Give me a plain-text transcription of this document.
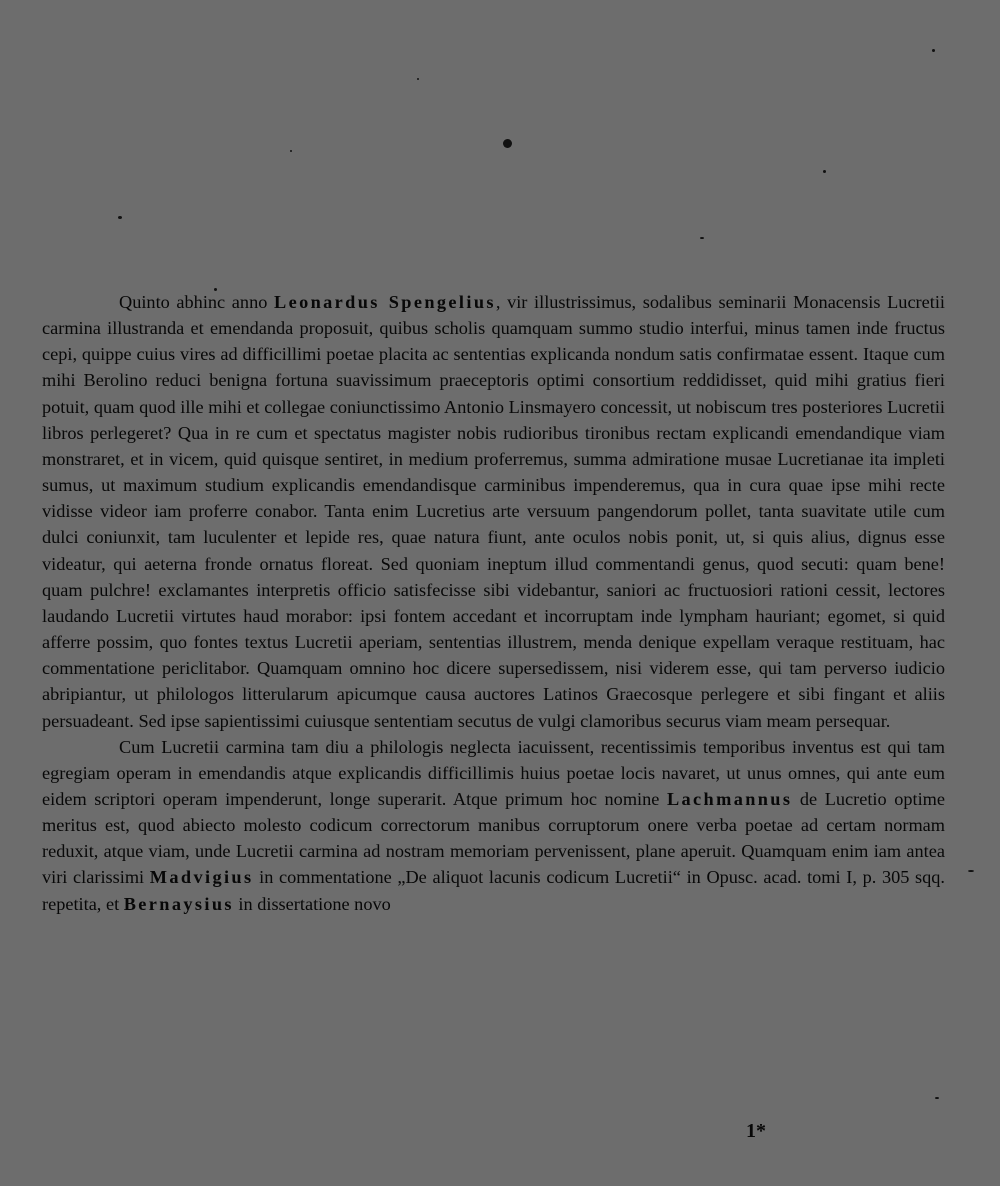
Quinto abhinc anno Leonardus Spengelius, vir illustrissimus, sodalibus seminarii Monacensis Lucretii carmina illustranda et emendanda proposuit, quibus scholis quamquam summo studio interfui, minus tamen inde fructus cepi, quippe cuius vires ad difficillimi poetae placita ac sententias explicanda nondum satis confirmatae essent. Itaque cum mihi Berolino reduci benigna fortuna suavissimum praeceptoris optimi consortium reddidisset, quid mihi gratius fieri potuit, quam quod ille mihi et collegae coniunctissimo Antonio Linsmayero concessit, ut nobiscum tres posteriores Lucretii libros perlegeret? Qua in re cum et spectatus magister nobis rudioribus tironibus rectam explicandi emendandique viam monstraret, et in vicem, quid quisque sentiret, in medium proferremus, summa admiratione musae Lucretianae ita impleti sumus, ut maximum studium explicandis emendandisque carminibus impenderemus, qua in cura quae ipse mihi recte vidisse videor iam proferre conabor. Tanta enim Lucretius arte versuum pangendorum pollet, tanta suavitate utile cum dulci coniunxit, tam luculenter et lepide res, quae natura fiunt, ante oculos nobis ponit, ut, si quis alius, dignus esse videatur, qui aeterna fronde ornatus floreat. Sed quoniam ineptum illud commentandi genus, quod secuti: quam bene! quam pulchre! exclamantes interpretis officio satisfecisse sibi videbantur, saniori ac fructuosiori rationi cessit, lectores laudando Lucretii virtutes haud morabor: ipsi fontem accedant et incorruptam inde lympham hauriant; egomet, si quid afferre possim, quo fontes textus Lucretii aperiam, sententias illustrem, menda denique expellam veraque restituam, hac commentatione periclitabor. Quamquam omnino hoc dicere supersedissem, nisi viderem esse, qui tam perverso iudicio abripiantur, ut philologos litterularum apicumque causa auctores Latinos Graecosque perlegere et sibi fingant et aliis persuadeant. Sed ipse sapientissimi cuiusque sententiam secutus de vulgi clamoribus securus viam meam persequar.

Cum Lucretii carmina tam diu a philologis neglecta iacuissent, recentissimis temporibus inventus est qui tam egregiam operam in emendandis atque explicandis difficillimis huius poetae locis navaret, ut unus omnes, qui ante eum eidem scriptori operam impenderunt, longe superarit. Atque primum hoc nomine Lachmannus de Lucretio optime meritus est, quod abiecto molesto codicum correctorum manibus corruptorum onere verba poetae ad certam normam reduxit, atque viam, unde Lucretii carmina ad nostram memoriam pervenissent, plane aperuit. Quamquam enim iam antea viri clarissimi Madvigius in commentatione „De aliquot lacunis codicum Lucretii“ in Opusc. acad. tomi I, p. 305 sqq. repetita, et Bernaysius in dissertatione novo

1*
